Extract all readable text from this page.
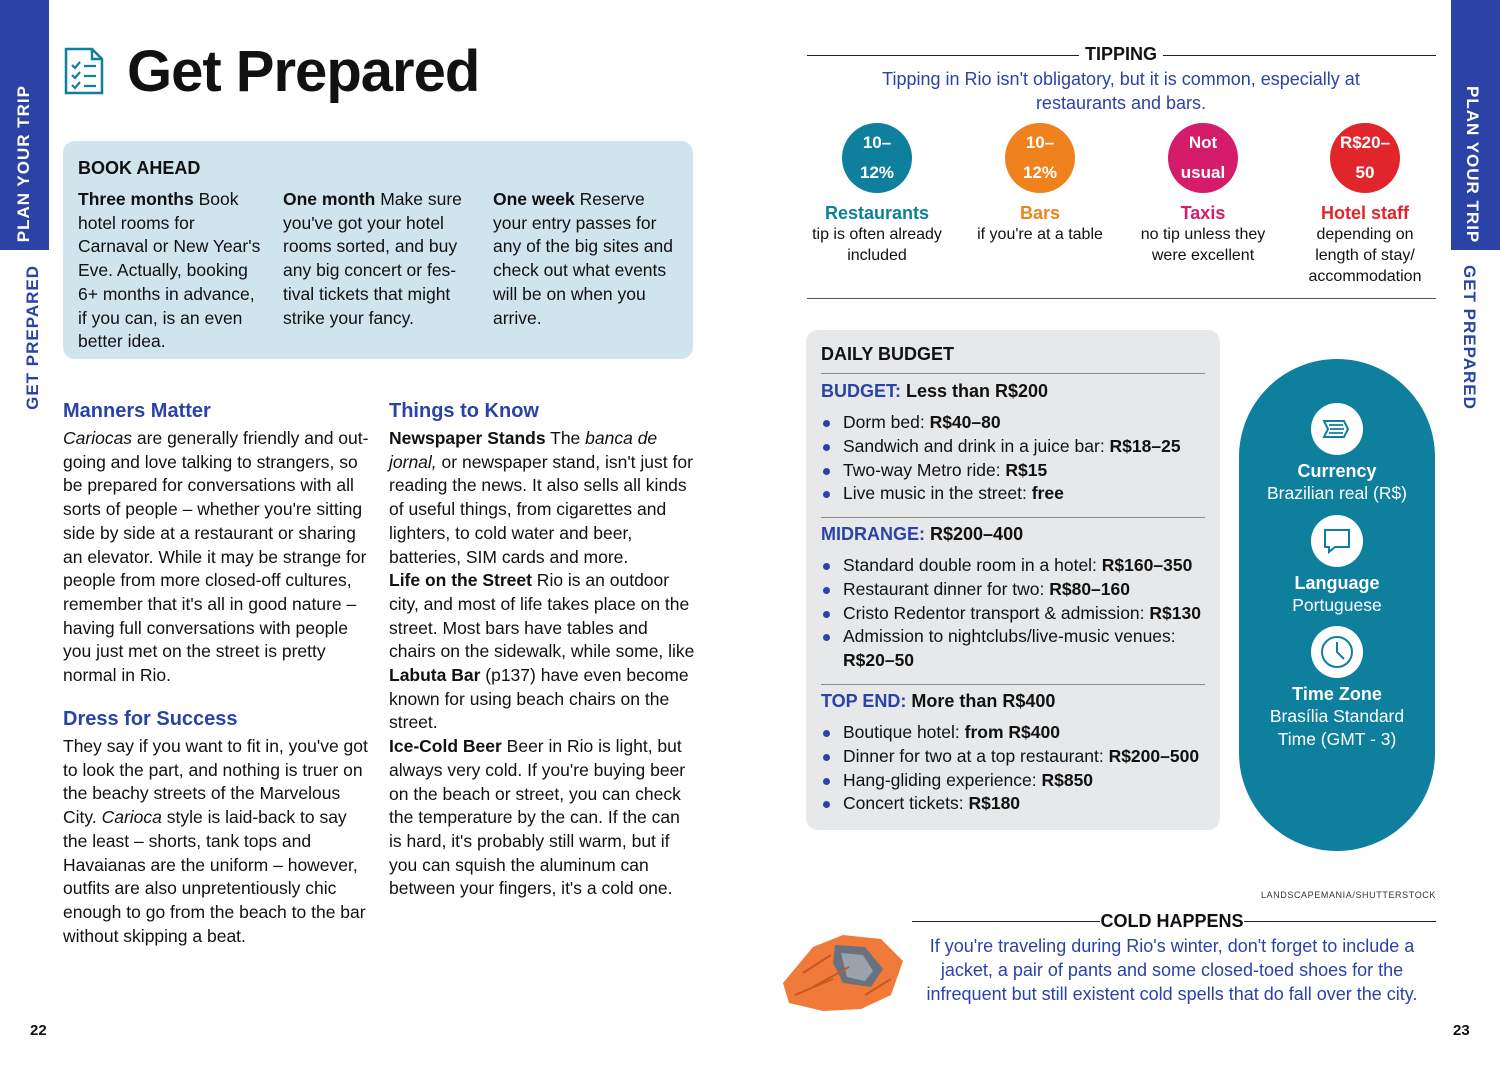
PLAN YOUR TRIP
GET PREPARED
PLAN YOUR TRIP
GET PREPARED
Get Prepared
BOOK AHEAD
Three months Book hotel rooms for Carnaval or New Year's Eve. Actually, booking 6+ months in advance, if you can, is an even better idea.
One month Make sure you've got your hotel rooms sorted, and buy any big concert or fes-tival tickets that might strike your fancy.
One week Reserve your entry passes for any of the big sites and check out what events will be on when you arrive.
Manners Matter
Cariocas are generally friendly and out-going and love talking to strangers, so be prepared for conversations with all sorts of people – whether you're sitting side by side at a restaurant or sharing an elevator. While it may be strange for people from more closed-off cultures, remember that it's all in good nature – having full conversations with people you just met on the street is pretty normal in Rio.
Dress for Success
They say if you want to fit in, you've got to look the part, and nothing is truer on the beachy streets of the Marvelous City. Carioca style is laid-back to say the least – shorts, tank tops and Havaianas are the uniform – however, outfits are also unpretentiously chic enough to go from the beach to the bar without skipping a beat.
Things to Know
Newspaper Stands The banca de jornal, or newspaper stand, isn't just for reading the news. It also sells all kinds of useful things, from cigarettes and lighters, to cold water and beer, batteries, SIM cards and more.
Life on the Street Rio is an outdoor city, and most of life takes place on the street. Most bars have tables and chairs on the sidewalk, while some, like Labuta Bar (p137) have even become known for using beach chairs on the street.
Ice-Cold Beer Beer in Rio is light, but always very cold. If you're buying beer on the beach or street, you can check the temperature by the can. If the can is hard, it's probably still warm, but if you can squish the aluminum can between your fingers, it's a cold one.
22
TIPPING
Tipping in Rio isn't obligatory, but it is common, especially at restaurants and bars.
10–
12%
Restaurants
tip is often already included
10–
12%
Bars
if you're at a table
Not
usual
Taxis
no tip unless they were excellent
R$20–
50
Hotel staff
depending on length of stay/ accommodation
DAILY BUDGET
BUDGET: Less than R$200
Dorm bed: R$40–80
Sandwich and drink in a juice bar: R$18–25
Two-way Metro ride: R$15
Live music in the street: free
MIDRANGE: R$200–400
Standard double room in a hotel: R$160–350
Restaurant dinner for two: R$80–160
Cristo Redentor transport & admission: R$130
Admission to nightclubs/live-music venues: R$20–50
TOP END: More than R$400
Boutique hotel: from R$400
Dinner for two at a top restaurant: R$200–500
Hang-gliding experience: R$850
Concert tickets: R$180
Currency
Brazilian real (R$)
Language
Portuguese
Time Zone
Brasília Standard Time (GMT - 3)
LANDSCAPEMANIA/SHUTTERSTOCK
COLD HAPPENS
If you're traveling during Rio's winter, don't forget to include a jacket, a pair of pants and some closed-toed shoes for the infrequent but still existent cold spells that do fall over the city.
23
